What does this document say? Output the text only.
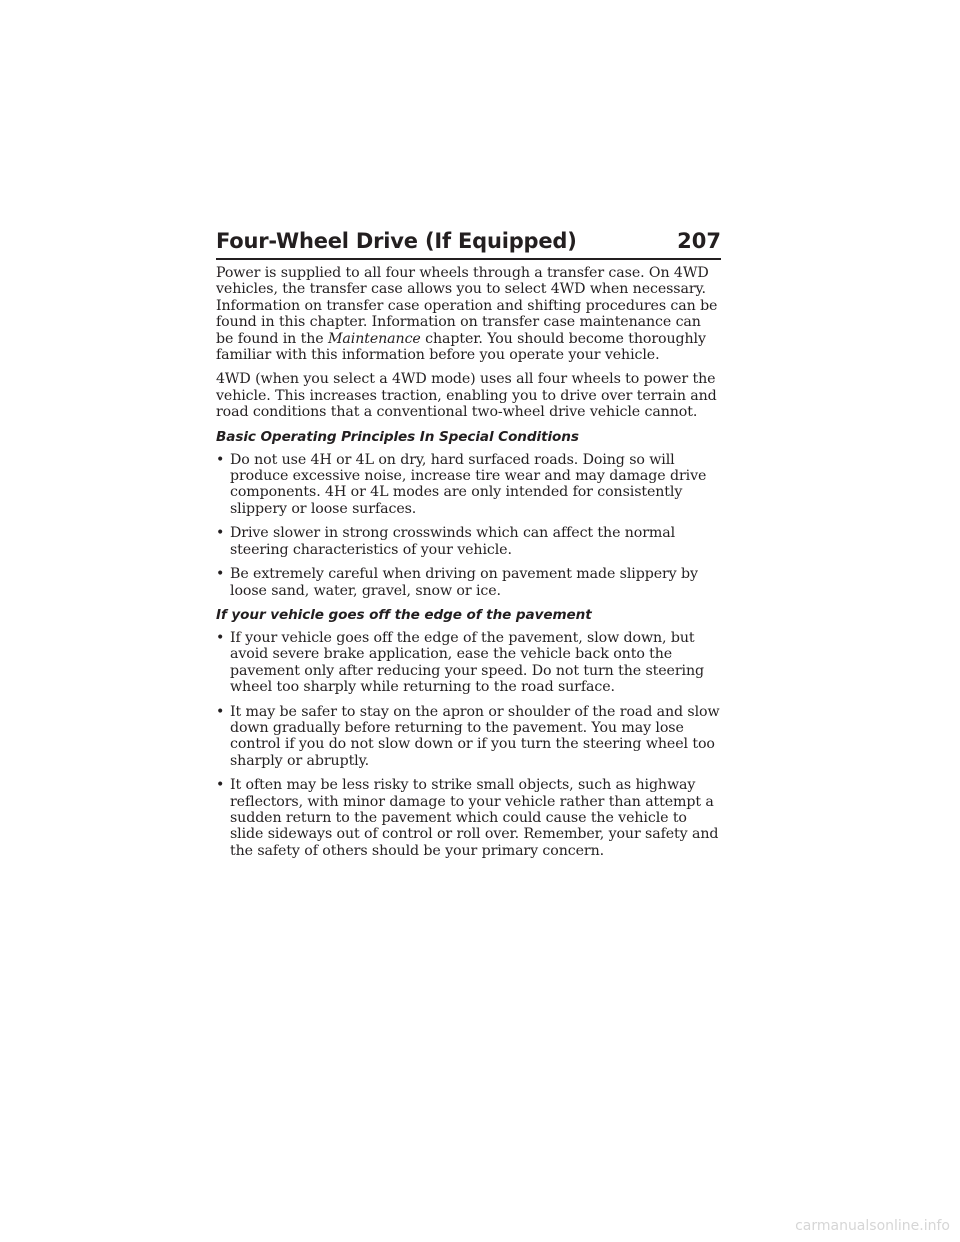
Four-Wheel Drive (If Equipped)	207

Power is supplied to all four wheels through a transfer case. On 4WD vehicles, the transfer case allows you to select 4WD when necessary. Information on transfer case operation and shifting procedures can be found in this chapter. Information on transfer case maintenance can be found in the Maintenance chapter. You should become thoroughly familiar with this information before you operate your vehicle.

4WD (when you select a 4WD mode) uses all four wheels to power the vehicle. This increases traction, enabling you to drive over terrain and road conditions that a conventional two-wheel drive vehicle cannot.

Basic Operating Principles In Special Conditions
• Do not use 4H or 4L on dry, hard surfaced roads. Doing so will produce excessive noise, increase tire wear and may damage drive components. 4H or 4L modes are only intended for consistently slippery or loose surfaces.
• Drive slower in strong crosswinds which can affect the normal steering characteristics of your vehicle.
• Be extremely careful when driving on pavement made slippery by loose sand, water, gravel, snow or ice.
If your vehicle goes off the edge of the pavement
• If your vehicle goes off the edge of the pavement, slow down, but avoid severe brake application, ease the vehicle back onto the pavement only after reducing your speed. Do not turn the steering wheel too sharply while returning to the road surface.
• It may be safer to stay on the apron or shoulder of the road and slow down gradually before returning to the pavement. You may lose control if you do not slow down or if you turn the steering wheel too sharply or abruptly.
• It often may be less risky to strike small objects, such as highway reflectors, with minor damage to your vehicle rather than attempt a sudden return to the pavement which could cause the vehicle to slide sideways out of control or roll over. Remember, your safety and the safety of others should be your primary concern.
carmanualsonline.info
